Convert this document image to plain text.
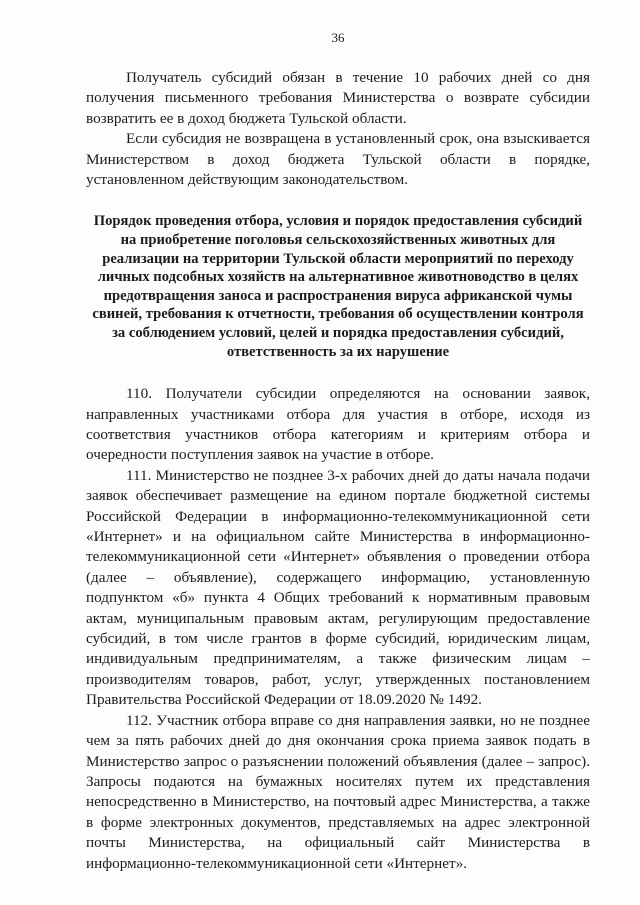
36

Получатель субсидий обязан в течение 10 рабочих дней со дня получения письменного требования Министерства о возврате субсидии возвратить ее в доход бюджета Тульской области.

Если субсидия не возвращена в установленный срок, она взыскивается Министерством в доход бюджета Тульской области в порядке, установленном действующим законодательством.

Порядок проведения отбора, условия и порядок предоставления субсидий на приобретение поголовья сельскохозяйственных животных для реализации на территории Тульской области мероприятий по переходу личных подсобных хозяйств на альтернативное животноводство в целях предотвращения заноса и распространения вируса африканской чумы свиней, требования к отчетности, требования об осуществлении контроля за соблюдением условий, целей и порядка предоставления субсидий, ответственность за их нарушение

110. Получатели субсидии определяются на основании заявок, направленных участниками отбора для участия в отборе, исходя из соответствия участников отбора категориям и критериям отбора и очередности поступления заявок на участие в отборе.

111. Министерство не позднее 3-х рабочих дней до даты начала подачи заявок обеспечивает размещение на едином портале бюджетной системы Российской Федерации в информационно-телекоммуникационной сети «Интернет» и на официальном сайте Министерства в информационно-телекоммуникационной сети «Интернет» объявления о проведении отбора (далее – объявление), содержащего информацию, установленную подпунктом «б» пункта 4 Общих требований к нормативным правовым актам, муниципальным правовым актам, регулирующим предоставление субсидий, в том числе грантов в форме субсидий, юридическим лицам, индивидуальным предпринимателям, а также физическим лицам – производителям товаров, работ, услуг, утвержденных постановлением Правительства Российской Федерации от 18.09.2020 № 1492.

112. Участник отбора вправе со дня направления заявки, но не позднее чем за пять рабочих дней до дня окончания срока приема заявок подать в Министерство запрос о разъяснении положений объявления (далее – запрос). Запросы подаются на бумажных носителях путем их представления непосредственно в Министерство, на почтовый адрес Министерства, а также в форме электронных документов, представляемых на адрес электронной почты Министерства, на официальный сайт Министерства в информационно-телекоммуникационной сети «Интернет».
